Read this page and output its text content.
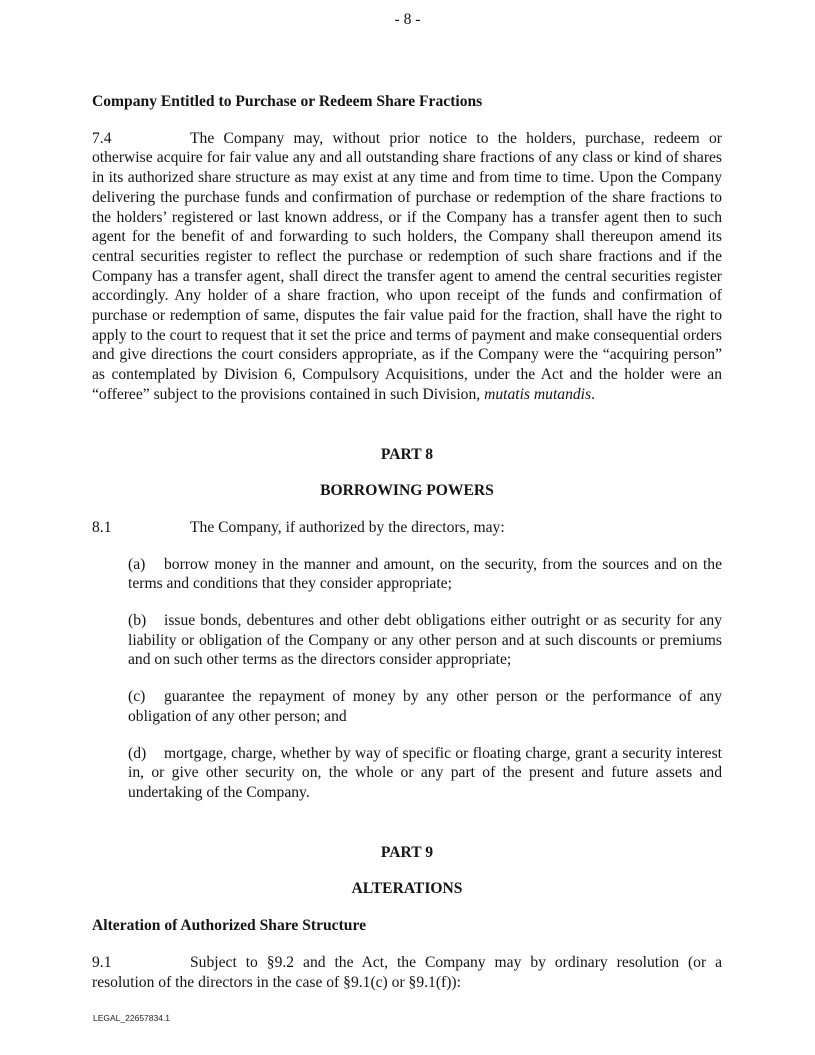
- 8 -

Company Entitled to Purchase or Redeem Share Fractions

7.4	The Company may, without prior notice to the holders, purchase, redeem or otherwise acquire for fair value any and all outstanding share fractions of any class or kind of shares in its authorized share structure as may exist at any time and from time to time. Upon the Company delivering the purchase funds and confirmation of purchase or redemption of the share fractions to the holders’ registered or last known address, or if the Company has a transfer agent then to such agent for the benefit of and forwarding to such holders, the Company shall thereupon amend its central securities register to reflect the purchase or redemption of such share fractions and if the Company has a transfer agent, shall direct the transfer agent to amend the central securities register accordingly. Any holder of a share fraction, who upon receipt of the funds and confirmation of purchase or redemption of same, disputes the fair value paid for the fraction, shall have the right to apply to the court to request that it set the price and terms of payment and make consequential orders and give directions the court considers appropriate, as if the Company were the “acquiring person” as contemplated by Division 6, Compulsory Acquisitions, under the Act and the holder were an “offeree” subject to the provisions contained in such Division, mutatis mutandis.

PART 8

BORROWING POWERS

8.1	The Company, if authorized by the directors, may:

(a) borrow money in the manner and amount, on the security, from the sources and on the terms and conditions that they consider appropriate;

(b) issue bonds, debentures and other debt obligations either outright or as security for any liability or obligation of the Company or any other person and at such discounts or premiums and on such other terms as the directors consider appropriate;

(c) guarantee the repayment of money by any other person or the performance of any obligation of any other person; and

(d) mortgage, charge, whether by way of specific or floating charge, grant a security interest in, or give other security on, the whole or any part of the present and future assets and undertaking of the Company.

PART 9

ALTERATIONS

Alteration of Authorized Share Structure

9.1	Subject to §9.2 and the Act, the Company may by ordinary resolution (or a resolution of the directors in the case of §9.1(c) or §9.1(f)):

LEGAL_22657834.1
